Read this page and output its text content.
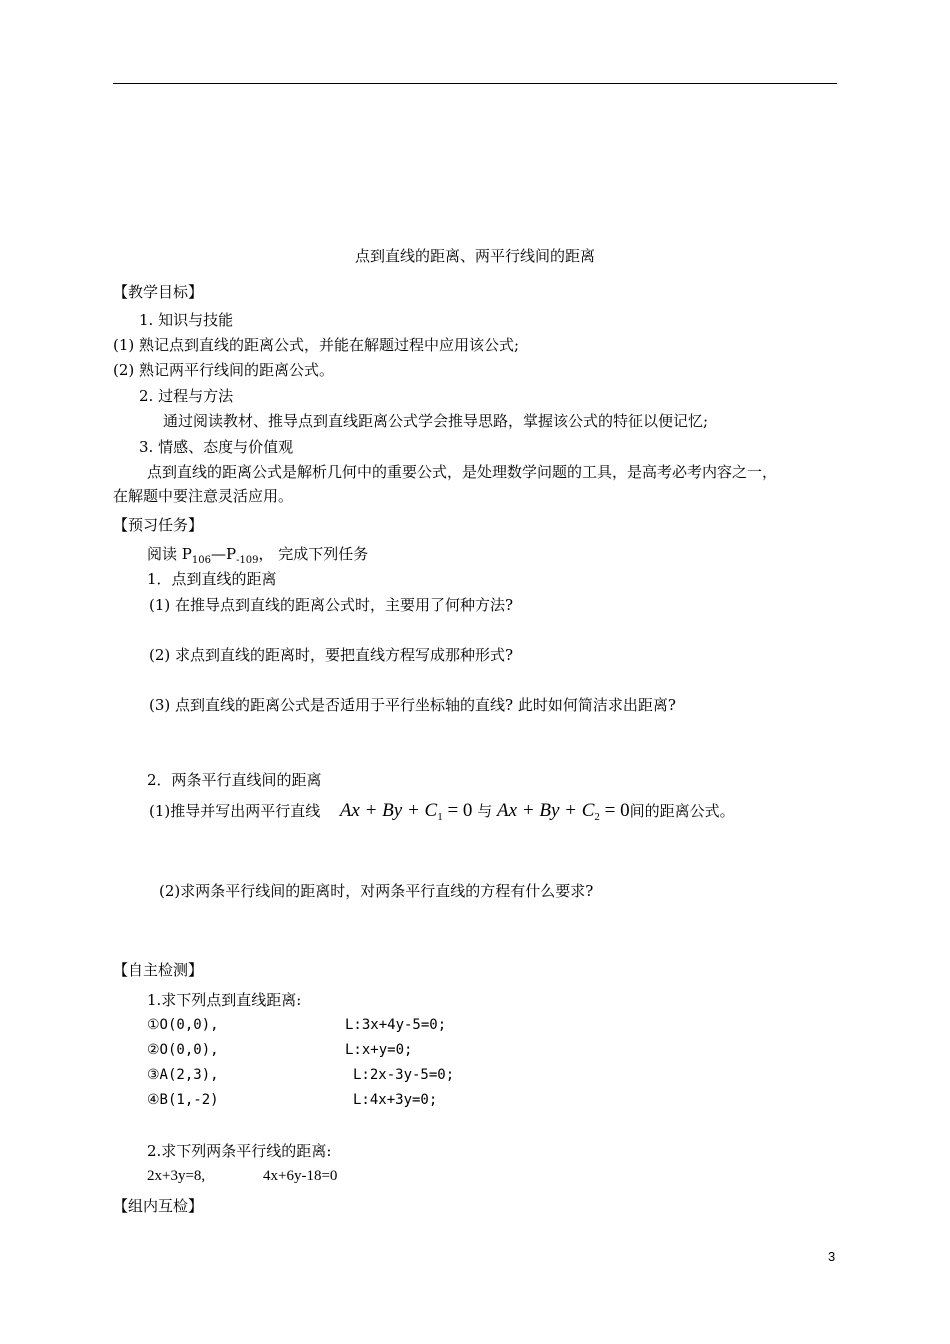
点到直线的距离、两平行线间的距离
【教学目标】
1. 知识与技能
(1) 熟记点到直线的距离公式，并能在解题过程中应用该公式;
(2) 熟记两平行线间的距离公式。
2. 过程与方法
通过阅读教材、推导点到直线距离公式学会推导思路，掌握该公式的特征以便记忆;
3. 情感、态度与价值观
点到直线的距离公式是解析几何中的重要公式，是处理数学问题的工具，是高考必考内容之一，
在解题中要注意灵活应用。
【预习任务】
阅读 $P_{106}—P_{-109}$， 完成下列任务
1．点到直线的距离
(1) 在推导点到直线的距离公式时，主要用了何种方法?
(2) 求点到直线的距离时，要把直线方程写成那种形式?
(3) 点到直线的距离公式是否适用于平行坐标轴的直线? 此时如何简洁求出距离?
2．两条平行直线间的距离
(1)推导并写出两平行直线 $Ax + By + C_1 = 0$ 与 $Ax + By + C_2 = 0$间的距离公式。
(2)求两条平行线间的距离时，对两条平行直线的方程有什么要求?
【自主检测】
1.求下列点到直线距离:
①O(0,0),	L:3x+4y-5=0;
②O(0,0),	L:x+y=0;
③A(2,3),	L:2x-3y-5=0;
④B(1,-2)	L:4x+3y=0;
2.求下列两条平行线的距离:
2x+3y=8,	4x+6y-18=0
【组内互检】
3
